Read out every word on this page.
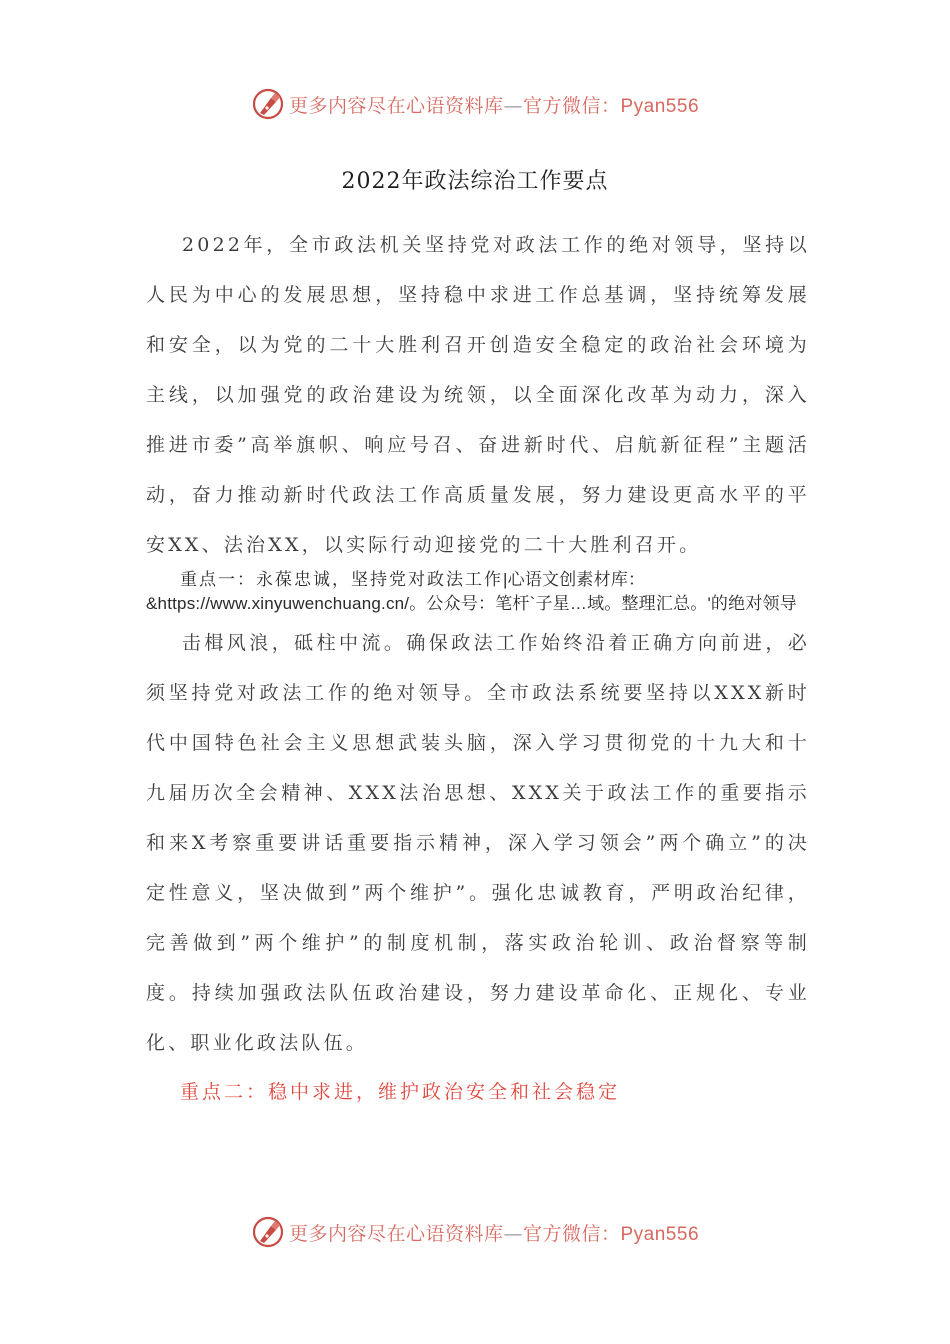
更多内容尽在心语资料库—官方微信：Pyan556
2022年政法综治工作要点

2022年，全市政法机关坚持党对政法工作的绝对领导，坚持以人民为中心的发展思想，坚持稳中求进工作总基调，坚持统筹发展和安全，以为党的二十大胜利召开创造安全稳定的政治社会环境为主线，以加强党的政治建设为统领，以全面深化改革为动力，深入推进市委”高举旗帜、响应号召、奋进新时代、启航新征程”主题活动，奋力推动新时代政法工作高质量发展，努力建设更高水平的平安XX、法治XX，以实际行动迎接党的二十大胜利召开。

重点一：永葆忠诚，坚持党对政法工作|心语文创素材库：&https://www.xinyuwenchuang.cn/。公众号：笔杆`子星…域。整理汇总。'的绝对领导

击楫风浪，砥柱中流。确保政法工作始终沿着正确方向前进，必须坚持党对政法工作的绝对领导。全市政法系统要坚持以XXX新时代中国特色社会主义思想武装头脑，深入学习贯彻党的十九大和十九届历次全会精神、XXX法治思想、XXX关于政法工作的重要指示和来X考察重要讲话重要指示精神，深入学习领会”两个确立”的决定性意义，坚决做到”两个维护”。强化忠诚教育，严明政治纪律，完善做到”两个维护”的制度机制，落实政治轮训、政治督察等制度。持续加强政法队伍政治建设，努力建设革命化、正规化、专业化、职业化政法队伍。

重点二：稳中求进，维护政治安全和社会稳定
更多内容尽在心语资料库—官方微信：Pyan556
